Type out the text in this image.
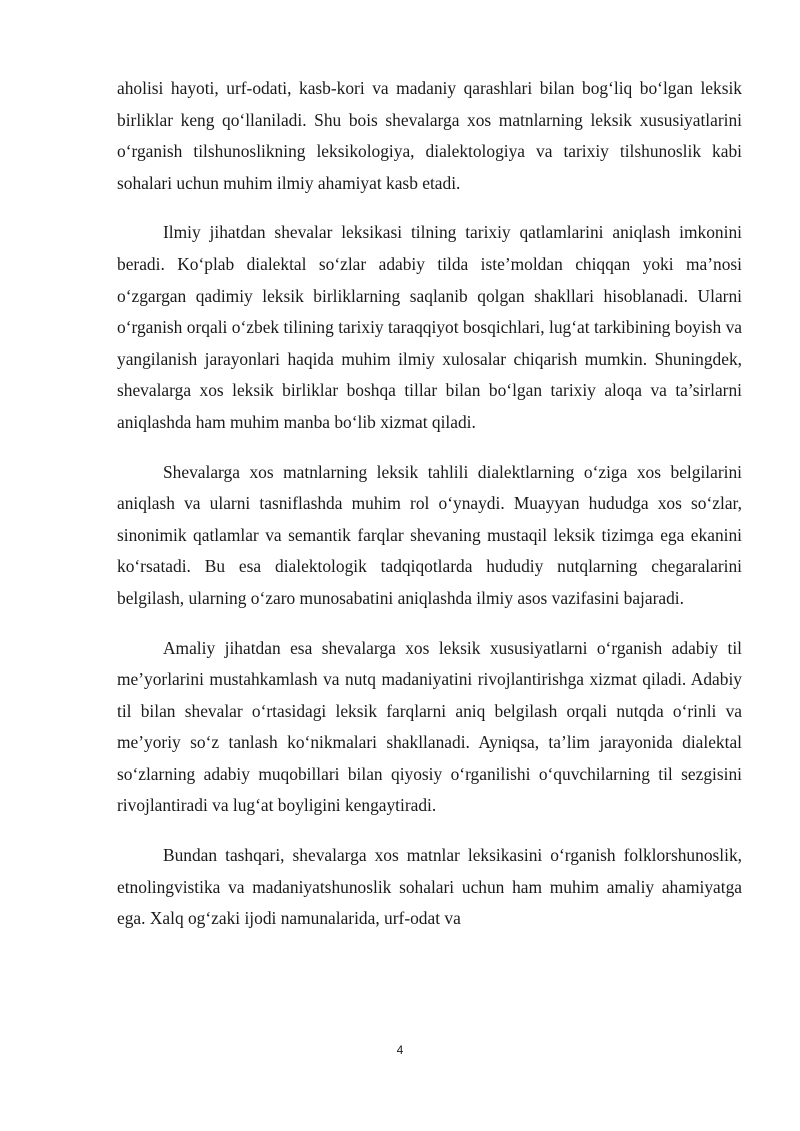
aholisi hayoti, urf-odati, kasb-kori va madaniy qarashlari bilan bog‘liq bo‘lgan leksik birliklar keng qo‘llaniladi. Shu bois shevalarga xos matnlarning leksik xususiyatlarini o‘rganish tilshunoslikning leksikologiya, dialektologiya va tarixiy tilshunoslik kabi sohalari uchun muhim ilmiy ahamiyat kasb etadi.

Ilmiy jihatdan shevalar leksikasi tilning tarixiy qatlamlarini aniqlash imkonini beradi. Ko‘plab dialektal so‘zlar adabiy tilda iste’moldan chiqqan yoki ma’nosi o‘zgargan qadimiy leksik birliklarning saqlanib qolgan shakllari hisoblanadi. Ularni o‘rganish orqali o‘zbek tilining tarixiy taraqqiyot bosqichlari, lug‘at tarkibining boyish va yangilanish jarayonlari haqida muhim ilmiy xulosalar chiqarish mumkin. Shuningdek, shevalarga xos leksik birliklar boshqa tillar bilan bo‘lgan tarixiy aloqa va ta’sirlarni aniqlashda ham muhim manba bo‘lib xizmat qiladi.

Shevalarga xos matnlarning leksik tahlili dialektlarning o‘ziga xos belgilarini aniqlash va ularni tasniflashda muhim rol o‘ynaydi. Muayyan hududga xos so‘zlar, sinonimik qatlamlar va semantik farqlar shevaning mustaqil leksik tizimga ega ekanini ko‘rsatadi. Bu esa dialektologik tadqiqotlarda hududiy nutqlarning chegaralarini belgilash, ularning o‘zaro munosabatini aniqlashda ilmiy asos vazifasini bajaradi.

Amaliy jihatdan esa shevalarga xos leksik xususiyatlarni o‘rganish adabiy til me’yorlarini mustahkamlash va nutq madaniyatini rivojlantirishga xizmat qiladi. Adabiy til bilan shevalar o‘rtasidagi leksik farqlarni aniq belgilash orqali nutqda o‘rinli va me’yoriy so‘z tanlash ko‘nikmalari shakllanadi. Ayniqsa, ta’lim jarayonida dialektal so‘zlarning adabiy muqobillari bilan qiyosiy o‘rganilishi o‘quvchilarning til sezgisini rivojlantiradi va lug‘at boyligini kengaytiradi.

Bundan tashqari, shevalarga xos matnlar leksikasini o‘rganish folklorshunoslik, etnolingvistika va madaniyatshunoslik sohalari uchun ham muhim amaliy ahamiyatga ega. Xalq og‘zaki ijodi namunalarida, urf-odat va

4
